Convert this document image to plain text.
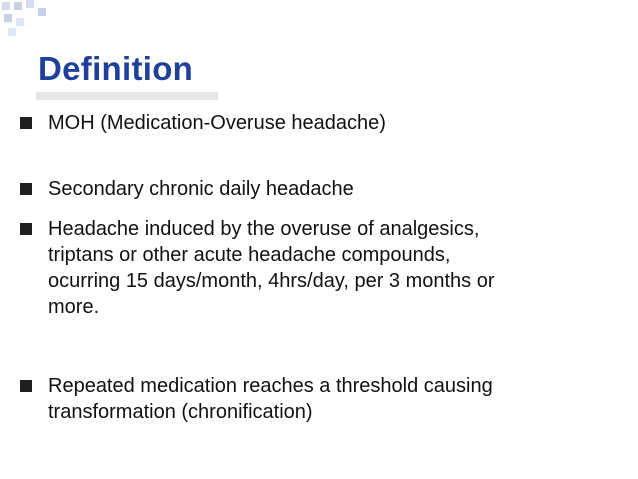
Definition
MOH (Medication-Overuse headache)
Secondary chronic daily headache
Headache induced by the overuse of analgesics,
triptans or other acute headache compounds,
ocurring 15 days/month, 4hrs/day, per 3 months or
more.
Repeated medication reaches a threshold causing
transformation (chronification)
